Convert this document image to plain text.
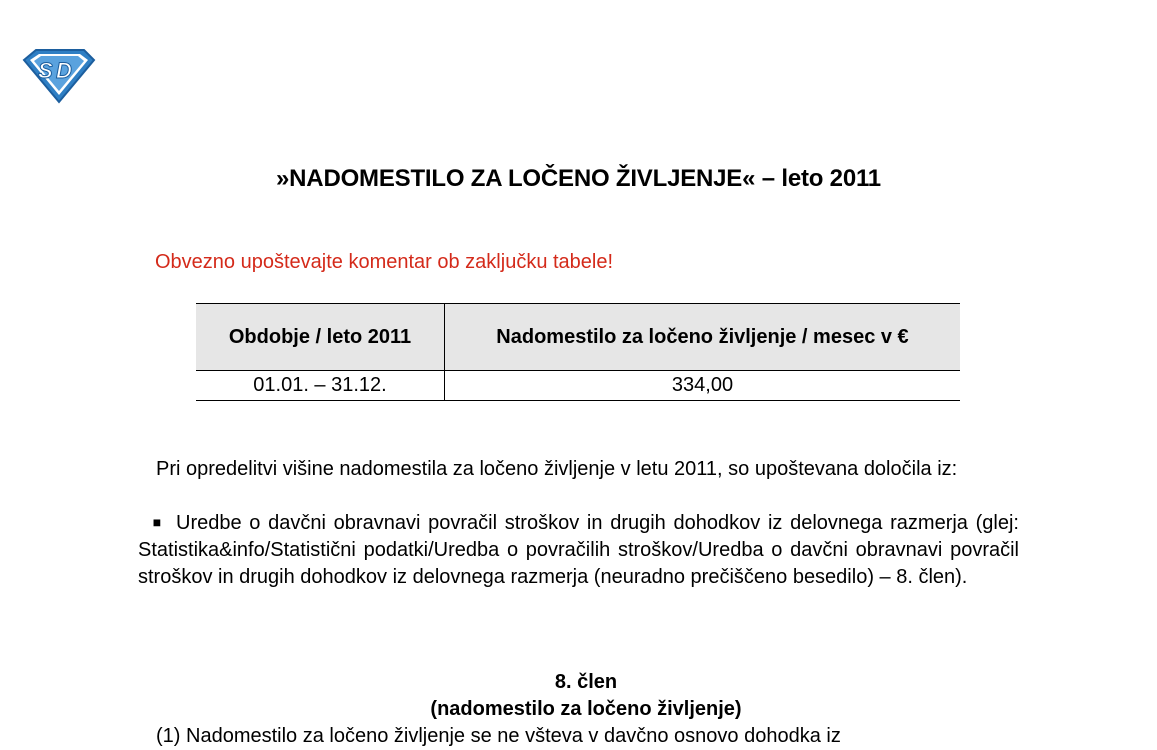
S D
»NADOMESTILO ZA LOČENO ŽIVLJENJE« – leto 2011
Obvezno upoštevajte komentar ob zaključku tabele!
Obdobje / leto 2011	Nadomestilo za ločeno življenje / mesec v €
01.01. – 31.12.	334,00

Pri opredelitvi višine nadomestila za ločeno življenje v letu 2011, so upoštevana določila iz:

■ Uredbe o davčni obravnavi povračil stroškov in drugih dohodkov iz delovnega razmerja (glej: Statistika&info/Statistični podatki/Uredba o povračilih stroškov/Uredba o davčni obravnavi povračil stroškov in drugih dohodkov iz delovnega razmerja (neuradno prečiščeno besedilo) – 8. člen).

8. člen
(nadomestilo za ločeno življenje)

(1) Nadomestilo za ločeno življenje se ne všteva v davčno osnovo dohodka iz
